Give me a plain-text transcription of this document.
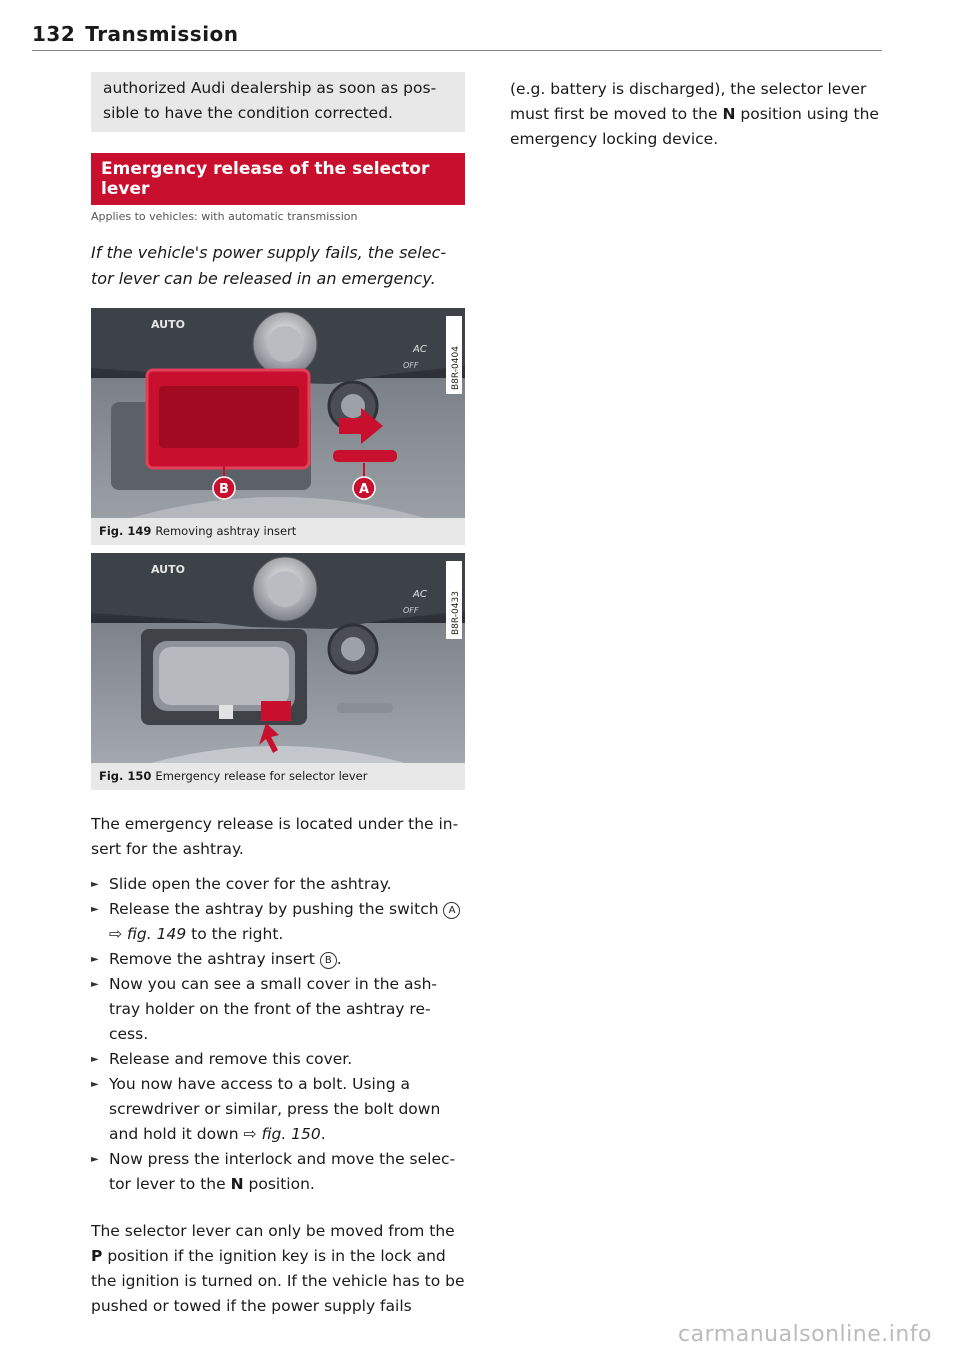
132 Transmission
authorized Audi dealership as soon as pos-sible to have the condition corrected.
Emergency release of the selector lever
Applies to vehicles: with automatic transmission
If the vehicle's power supply fails, the selec-tor lever can be released in an emergency.
AUTO
AC
OFF
B	A
B8R-0404
Fig. 149 Removing ashtray insert
AUTO
AC
OFF	B8R-0433
Fig. 150 Emergency release for selector lever
The emergency release is located under the in-sert for the ashtray.
► Slide open the cover for the ashtray.
► Release the ashtray by pushing the switch A ⇨ fig. 149 to the right.
► Remove the ashtray insert B .
► Now you can see a small cover in the ash-tray holder on the front of the ashtray re-cess.
► Release and remove this cover.
► You now have access to a bolt. Using a screwdriver or similar, press the bolt down and hold it down ⇨ fig. 150.
► Now press the interlock and move the selec-tor lever to the N position.
The selector lever can only be moved from the P position if the ignition key is in the lock and the ignition is turned on. If the vehicle has to be pushed or towed if the power supply fails
(e.g. battery is discharged), the selector lever must first be moved to the N position using the emergency locking device.
carmanualsonline.info
